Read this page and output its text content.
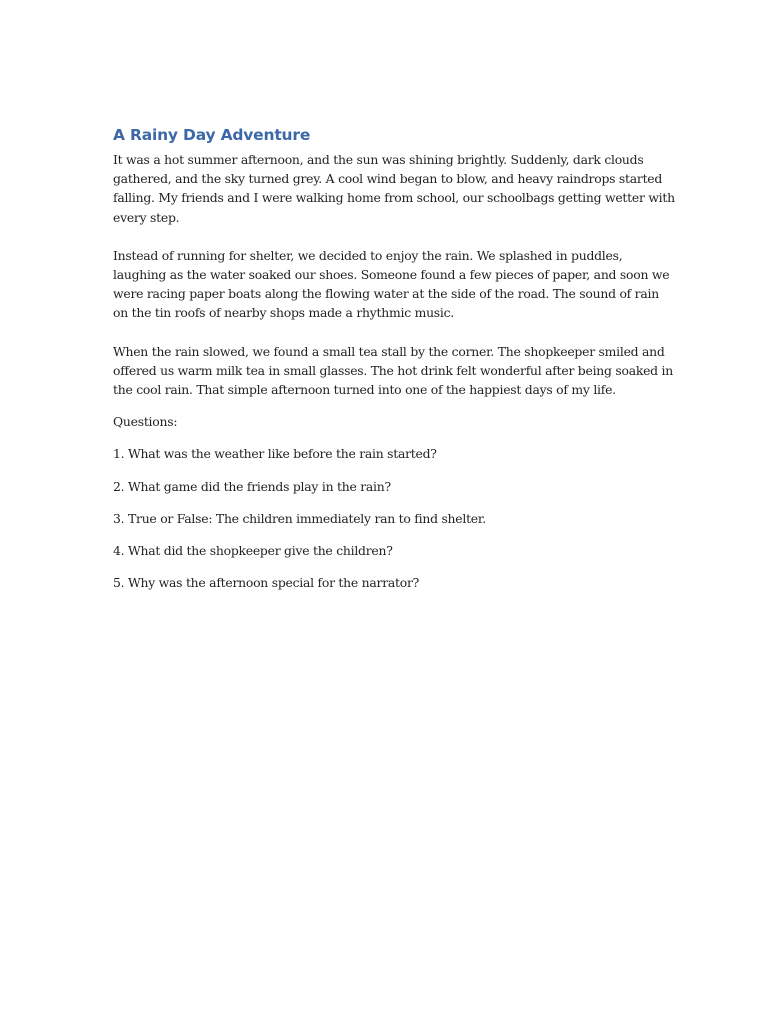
A Rainy Day Adventure

It was a hot summer afternoon, and the sun was shining brightly. Suddenly, dark clouds
gathered, and the sky turned grey. A cool wind began to blow, and heavy raindrops started
falling. My friends and I were walking home from school, our schoolbags getting wetter with
every step.

Instead of running for shelter, we decided to enjoy the rain. We splashed in puddles,
laughing as the water soaked our shoes. Someone found a few pieces of paper, and soon we
were racing paper boats along the flowing water at the side of the road. The sound of rain
on the tin roofs of nearby shops made a rhythmic music.

When the rain slowed, we found a small tea stall by the corner. The shopkeeper smiled and
offered us warm milk tea in small glasses. The hot drink felt wonderful after being soaked in
the cool rain. That simple afternoon turned into one of the happiest days of my life.

Questions:

1. What was the weather like before the rain started?

2. What game did the friends play in the rain?

3. True or False: The children immediately ran to find shelter.

4. What did the shopkeeper give the children?

5. Why was the afternoon special for the narrator?
